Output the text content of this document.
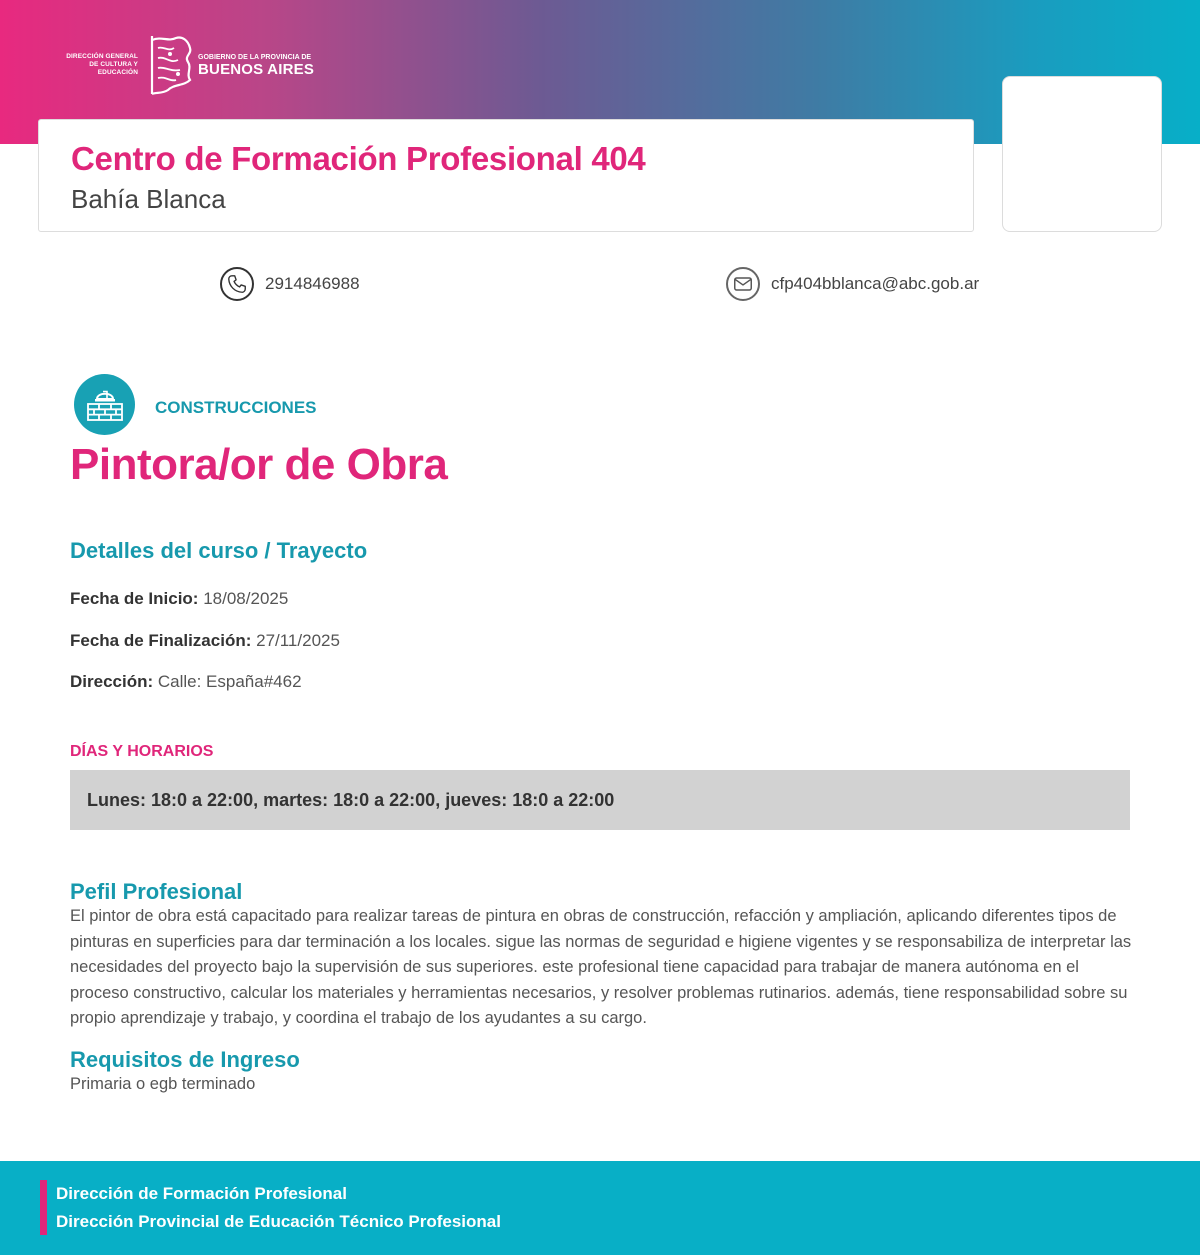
DIRECCIÓN GENERAL DE CULTURA Y EDUCACIÓN
GOBIERNO DE LA PROVINCIA DE
BUENOS AIRES
Centro de Formación Profesional 404
Bahía Blanca
2914846988	cfp404bblanca@abc.gob.ar
CONSTRUCCIONES
Pintora/or de Obra
Detalles del curso / Trayecto
Fecha de Inicio: 18/08/2025
Fecha de Finalización: 27/11/2025
Dirección: Calle: España#462
DÍAS Y HORARIOS
Lunes: 18:0 a 22:00, martes: 18:0 a 22:00, jueves: 18:0 a 22:00
Pefil Profesional

El pintor de obra está capacitado para realizar tareas de pintura en obras de construcción, refacción y ampliación, aplicando diferentes tipos de pinturas en superficies para dar terminación a los locales. sigue las normas de seguridad e higiene vigentes y se responsabiliza de interpretar las necesidades del proyecto bajo la supervisión de sus superiores. este profesional tiene capacidad para trabajar de manera autónoma en el proceso constructivo, calcular los materiales y herramientas necesarios, y resolver problemas rutinarios. además, tiene responsabilidad sobre su propio aprendizaje y trabajo, y coordina el trabajo de los ayudantes a su cargo.

Requisitos de Ingreso
Primaria o egb terminado
Dirección de Formación Profesional
Dirección Provincial de Educación Técnico Profesional
